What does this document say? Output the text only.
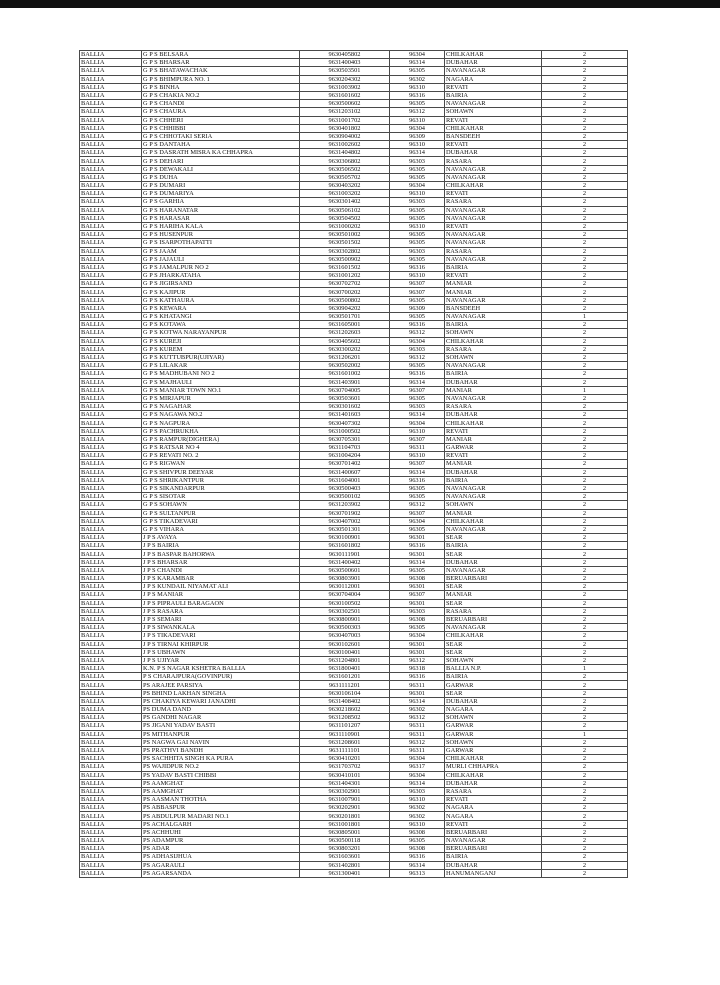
BALLIA	G P S BELSARA	9630405802	96304	CHILKAHAR	2
BALLIA	G P S BHARSAR	9631400403	96314	DUBAHAR	2
BALLIA	G P S BHATAWACHAK	9630503501	96305	NAVANAGAR	2
BALLIA	G P S BHIMPURA NO. 1	9630204302	96302	NAGARA	2
BALLIA	G P S BINHA	9631003902	96310	REVATI	2
BALLIA	G P S CHAKIA NO.2	9631601602	96316	BAIRIA	2
BALLIA	G P S CHANDI	9630500602	96305	NAVANAGAR	2
BALLIA	G P S CHAURA	9631203102	96312	SOHAWN	2
BALLIA	G P S CHHERI	9631001702	96310	REVATI	2
BALLIA	G P S CHHIBBI	9630401802	96304	CHILKAHAR	2
BALLIA	G P S CHHOTAKI SERIA	9630904002	96309	BANSDEEH	2
BALLIA	G P S DANTAHA	9631002602	96310	REVATI	2
BALLIA	G P S DASRATH MISRA KA CHHAPRA	9631404802	96314	DUBAHAR	2
BALLIA	G P S DEHARI	9630306802	96303	RASARA	2
BALLIA	G P S DEWAKALI	9630506502	96305	NAVANAGAR	2
BALLIA	G P S DUHA	9630505702	96305	NAVANAGAR	2
BALLIA	G P S DUMARI	9630403202	96304	CHILKAHAR	2
BALLIA	G P S DUMARIYA	9631003202	96310	REVATI	2
BALLIA	G P S GARHIA	9630301402	96303	RASARA	2
BALLIA	G P S HARANATAR	9630506102	96305	NAVANAGAR	2
BALLIA	G P S HARASAR	9630504502	96305	NAVANAGAR	2
BALLIA	G P S HARIHA KALA	9631000202	96310	REVATI	2
BALLIA	G P S HUSENPUR	9630501002	96305	NAVANAGAR	2
BALLIA	G P S ISARPOTHAPATTI	9630501502	96305	NAVANAGAR	2
BALLIA	G P S JAAM	9630302802	96303	RASARA	2
BALLIA	G P S JAJAULI	9630500902	96305	NAVANAGAR	2
BALLIA	G P S JAMALPUR NO 2	9631601502	96316	BAIRIA	2
BALLIA	G P S JHARKATAHA	9631001202	96310	REVATI	2
BALLIA	G P S JIGIRSAND	9630702702	96307	MANIAR	2
BALLIA	G P S KAJIPUR	9630700202	96307	MANIAR	2
BALLIA	G P S KATHAURA	9630500802	96305	NAVANAGAR	2
BALLIA	G P S KEWARA	9630904202	96309	BANSDEEH	2
BALLIA	G P S KHATANGI	9630501701	96305	NAVANAGAR	1
BALLIA	G P S KOTAWA	9631605001	96316	BAIRIA	2
BALLIA	G P S KOTWA NARAYANPUR	9631202603	96312	SOHAWN	2
BALLIA	G P S KUREJI	9630405602	96304	CHILKAHAR	2
BALLIA	G P S KUREM	9630300202	96303	RASARA	2
BALLIA	G P S KUTTUBPUR(UJIYAR)	9631206201	96312	SOHAWN	2
BALLIA	G P S LILAKAR	9630502002	96305	NAVANAGAR	2
BALLIA	G P S MADHUBANI NO 2	9631601002	96316	BAIRIA	2
BALLIA	G P S MAJHAULI	9631403901	96314	DUBAHAR	2
BALLIA	G P S MANIAR TOWN NO.1	9630704005	96307	MANIAR	1
BALLIA	G P S MIRJAPUR	9630503601	96305	NAVANAGAR	2
BALLIA	G P S NAGAHAR	9630301602	96303	RASARA	2
BALLIA	G P S NAGAWA NO.2	9631401603	96314	DUBAHAR	2
BALLIA	G P S NAGPURA	9630407302	96304	CHILKAHAR	2
BALLIA	G P S PACHRUKHA	9631000502	96310	REVATI	2
BALLIA	G P S RAMPUR(DIGHERA)	9630705301	96307	MANIAR	2
BALLIA	G P S RATSAR NO 4	9631104703	96311	GARWAR	2
BALLIA	G P S REVATI NO. 2	9631004204	96310	REVATI	2
BALLIA	G P S RIGWAN	9630701402	96307	MANIAR	2
BALLIA	G P S SHIVPUR DEEYAR	9631400607	96314	DUBAHAR	2
BALLIA	G P S SHRIKANTPUR	9631604001	96316	BAIRIA	2
BALLIA	G P S SIKANDARPUR	9630500403	96305	NAVANAGAR	2
BALLIA	G P S SISOTAR	9630500102	96305	NAVANAGAR	2
BALLIA	G P S SOHAWN	9631203902	96312	SOHAWN	2
BALLIA	G P S SULTANPUR	9630701902	96307	MANIAR	2
BALLIA	G P S TIKADEVARI	9630407002	96304	CHILKAHAR	2
BALLIA	G P S VIHARA	9630501301	96305	NAVANAGAR	2
BALLIA	J P S AVAYA	9630100901	96301	SEAR	2
BALLIA	J P S BAIRIA	9631601802	96316	BAIRIA	2
BALLIA	J P S BASPAR BAHORWA	9630111901	96301	SEAR	2
BALLIA	J P S BHARSAR	9631400402	96314	DUBAHAR	2
BALLIA	J P S CHANDI	9630500601	96305	NAVANAGAR	2
BALLIA	J P S KARAMBAR	9630803901	96308	BERUARBARI	2
BALLIA	J P S KUNDAIL NIYAMAT ALI	9630112001	96301	SEAR	2
BALLIA	J P S MANIAR	9630704004	96307	MANIAR	2
BALLIA	J P S PIPRAULI BARAGAON	9630100502	96301	SEAR	2
BALLIA	J P S RASARA	9630302501	96303	RASARA	2
BALLIA	J P S SEMARI	9630800901	96308	BERUARBARI	2
BALLIA	J P S SIWANKALA	9630500303	96305	NAVANAGAR	2
BALLIA	J P S TIKADEVARI	9630407003	96304	CHILKAHAR	2
BALLIA	J P S TIRNAI KHIRPUR	9630102601	96301	SEAR	2
BALLIA	J P S UBHAWN	9630100401	96301	SEAR	2
BALLIA	J P S UJIYAR	9631204801	96312	SOHAWN	2
BALLIA	K.N. P S NAGAR KSHETRA BALLIA	9631800401	96318	BALLIA N.P.	1
BALLIA	P S CHARAJPURA(GOVINPUR)	9631601201	96316	BAIRIA	2
BALLIA	PS ARAJEE PARSIYA	9631111201	96311	GARWAR	2
BALLIA	PS BHIND LAKHAN SINGHA	9630106104	96301	SEAR	2
BALLIA	PS CHAKIYA KEWARI JANADHI	9631408402	96314	DUBAHAR	2
BALLIA	PS DUMA DAND	9630218602	96302	NAGARA	2
BALLIA	PS GANDHI NAGAR	9631208502	96312	SOHAWN	2
BALLIA	PS JIGANI YADAV BASTI	9631101207	96311	GARWAR	2
BALLIA	PS MITHANPUR	9631110901	96311	GARWAR	1
BALLIA	PS NAGWA GAI NAVIN	9631208601	96312	SOHAWN	2
BALLIA	PS PRATHVI BANDH	9631111101	96311	GARWAR	2
BALLIA	PS SACHHITA SINGH KA PURA	9630410201	96304	CHILKAHAR	2
BALLIA	PS WAJIDPUR NO.2	9631703702	96317	MURLI CHHAPRA	2
BALLIA	PS YADAV BASTI CHIBBI	9630410101	96304	CHILKAHAR	2
BALLIA	PS AAMGHAT	9631404301	96314	DUBAHAR	2
BALLIA	PS AAMGHAT	9630302901	96303	RASARA	2
BALLIA	PS AASMAN THOTHA	9631007901	96310	REVATI	2
BALLIA	PS ABBASPUR	9630202901	96302	NAGARA	2
BALLIA	PS ABDULPUR MADARI NO.1	9630201801	96302	NAGARA	2
BALLIA	PS ACHALGARH	9631001801	96310	REVATI	2
BALLIA	PS ACHHUHI	9630805001	96308	BERUARBARI	2
BALLIA	PS ADAMPUR	9630500118	96305	NAVANAGAR	2
BALLIA	PS ADAR	9630803201	96308	BERUARBARI	2
BALLIA	PS ADHASIJHUA	9631603601	96316	BAIRIA	2
BALLIA	PS AGARAULI	9631402801	96314	DUBAHAR	2
BALLIA	PS AGARSANDA	9631300401	96313	HANUMANGANJ	2
